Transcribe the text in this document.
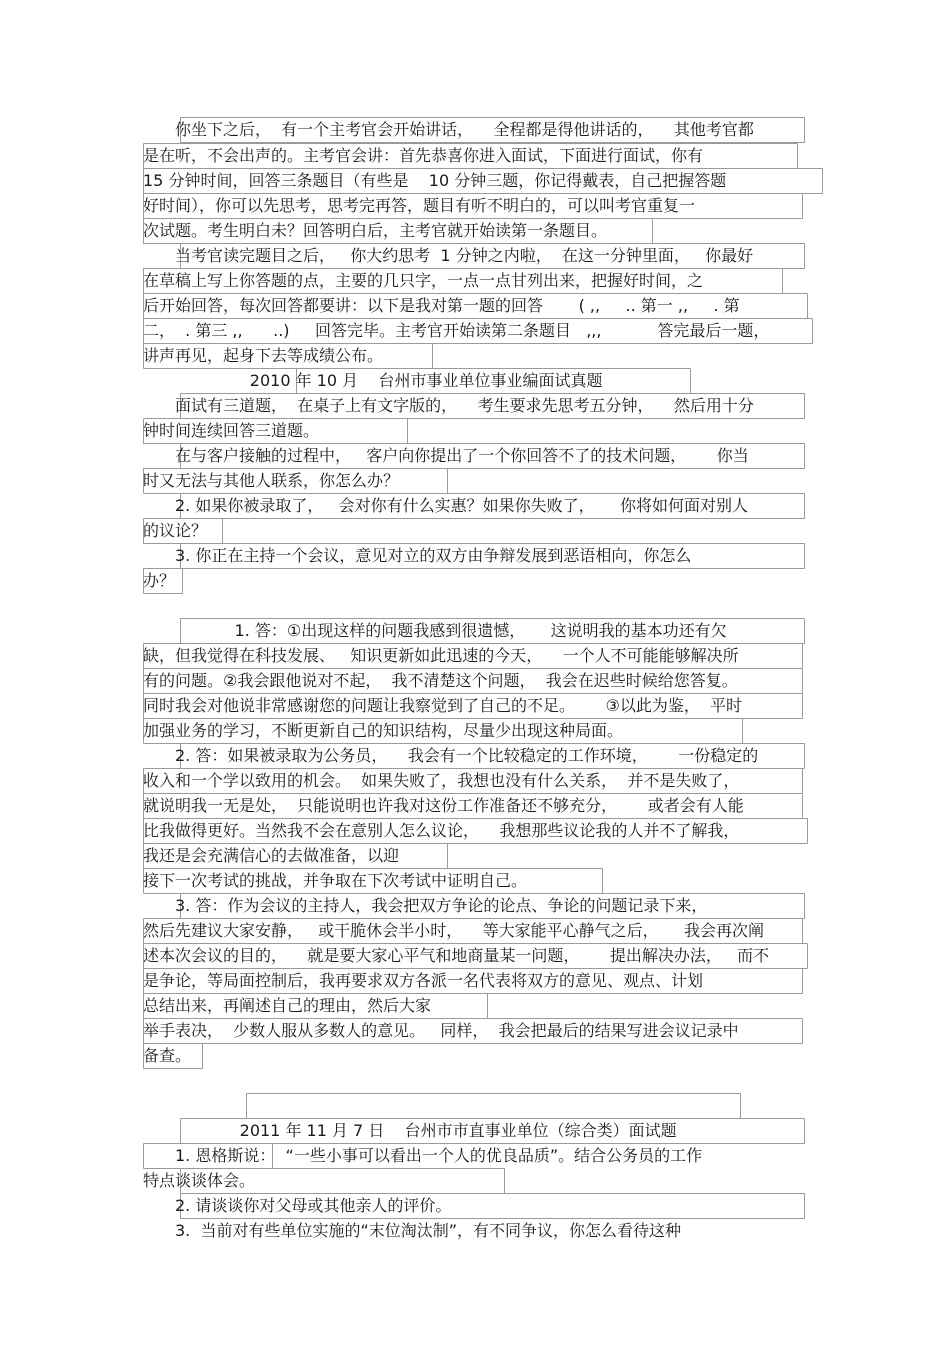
　　你坐下之后，  有一个主考官会开始讲话，    全程都是得他讲话的，    其他考官都
是在听，不会出声的。主考官会讲：首先恭喜你进入面试，下面进行面试，你有
15 分钟时间，回答三条题目（有些是    10 分钟三题，你记得戴表，自己把握答题
好时间），你可以先思考，思考完再答，题目有听不明白的，可以叫考官重复一
次试题。考生明白未？回答明白后，主考官就开始读第一条题目。
　　当考官读完题目之后，   你大约思考  1 分钟之内啦，  在这一分钟里面，   你最好
在草稿上写上你答题的点，主要的几只字，一点一点甘列出来，把握好时间，之
后开始回答，每次回答都要讲：以下是我对第一题的回答       ( ,,     .. 第一 ,,     . 第
二，  . 第三 ,,      ..)     回答完毕。主考官开始读第二条题目   ,,,           答完最后一题，
讲声再见，起身下去等成绩公布。
2010 年 10 月    台州市事业单位事业编面试真题
　　面试有三道题，  在桌子上有文字版的，    考生要求先思考五分钟，    然后用十分
钟时间连续回答三道题。
　　在与客户接触的过程中，   客户向你提出了一个你回答不了的技术问题，      你当
时又无法与其他人联系，你怎么办？
　　2. 如果你被录取了，   会对你有什么实惠？如果你失败了，     你将如何面对别人
的议论？
　　3. 你正在主持一个会议，意见对立的双方由争辩发展到恶语相向，你怎么
办？
1. 答：①出现这样的问题我感到很遗憾，     这说明我的基本功还有欠
缺，但我觉得在科技发展、   知识更新如此迅速的今天，    一个人不可能能够解决所
有的问题。②我会跟他说对不起，  我不清楚这个问题，  我会在迟些时候给您答复。
同时我会对他说非常感谢您的问题让我察觉到了自己的不足。      ③以此为鉴，  平时
加强业务的学习，不断更新自己的知识结构，尽量少出现这种局面。
　　2. 答：如果被录取为公务员，    我会有一个比较稳定的工作环境，      一份稳定的
收入和一个学以致用的机会。  如果失败了，我想也没有什么关系，  并不是失败了，
就说明我一无是处，  只能说明也许我对这份工作准备还不够充分，      或者会有人能
比我做得更好。当然我不会在意别人怎么议论，    我想那些议论我的人并不了解我，
我还是会充满信心的去做准备，以迎
接下一次考试的挑战，并争取在下次考试中证明自己。
　　3. 答：作为会议的主持人，我会把双方争论的论点、争论的问题记录下来，
然后先建议大家安静，   或干脆休会半小时，    等大家能平心静气之后，     我会再次阐
述本次会议的目的，    就是要大家心平气和地商量某一问题，      提出解决办法，   而不
是争论，等局面控制后，我再要求双方各派一名代表将双方的意见、观点、计划
总结出来，再阐述自己的理由，然后大家
举手表决，  少数人服从多数人的意见。   同样，  我会把最后的结果写进会议记录中
备查。
2011 年 11 月 7 日    台州市市直事业单位（综合类）面试题
　　1. 恩格斯说：  “一些小事可以看出一个人的优良品质”。结合公务员的工作
特点谈谈体会。
　　2. 请谈谈你对父母或其他亲人的评价。
　　3.  当前对有些单位实施的“末位淘汰制”，有不同争议，你怎么看待这种
